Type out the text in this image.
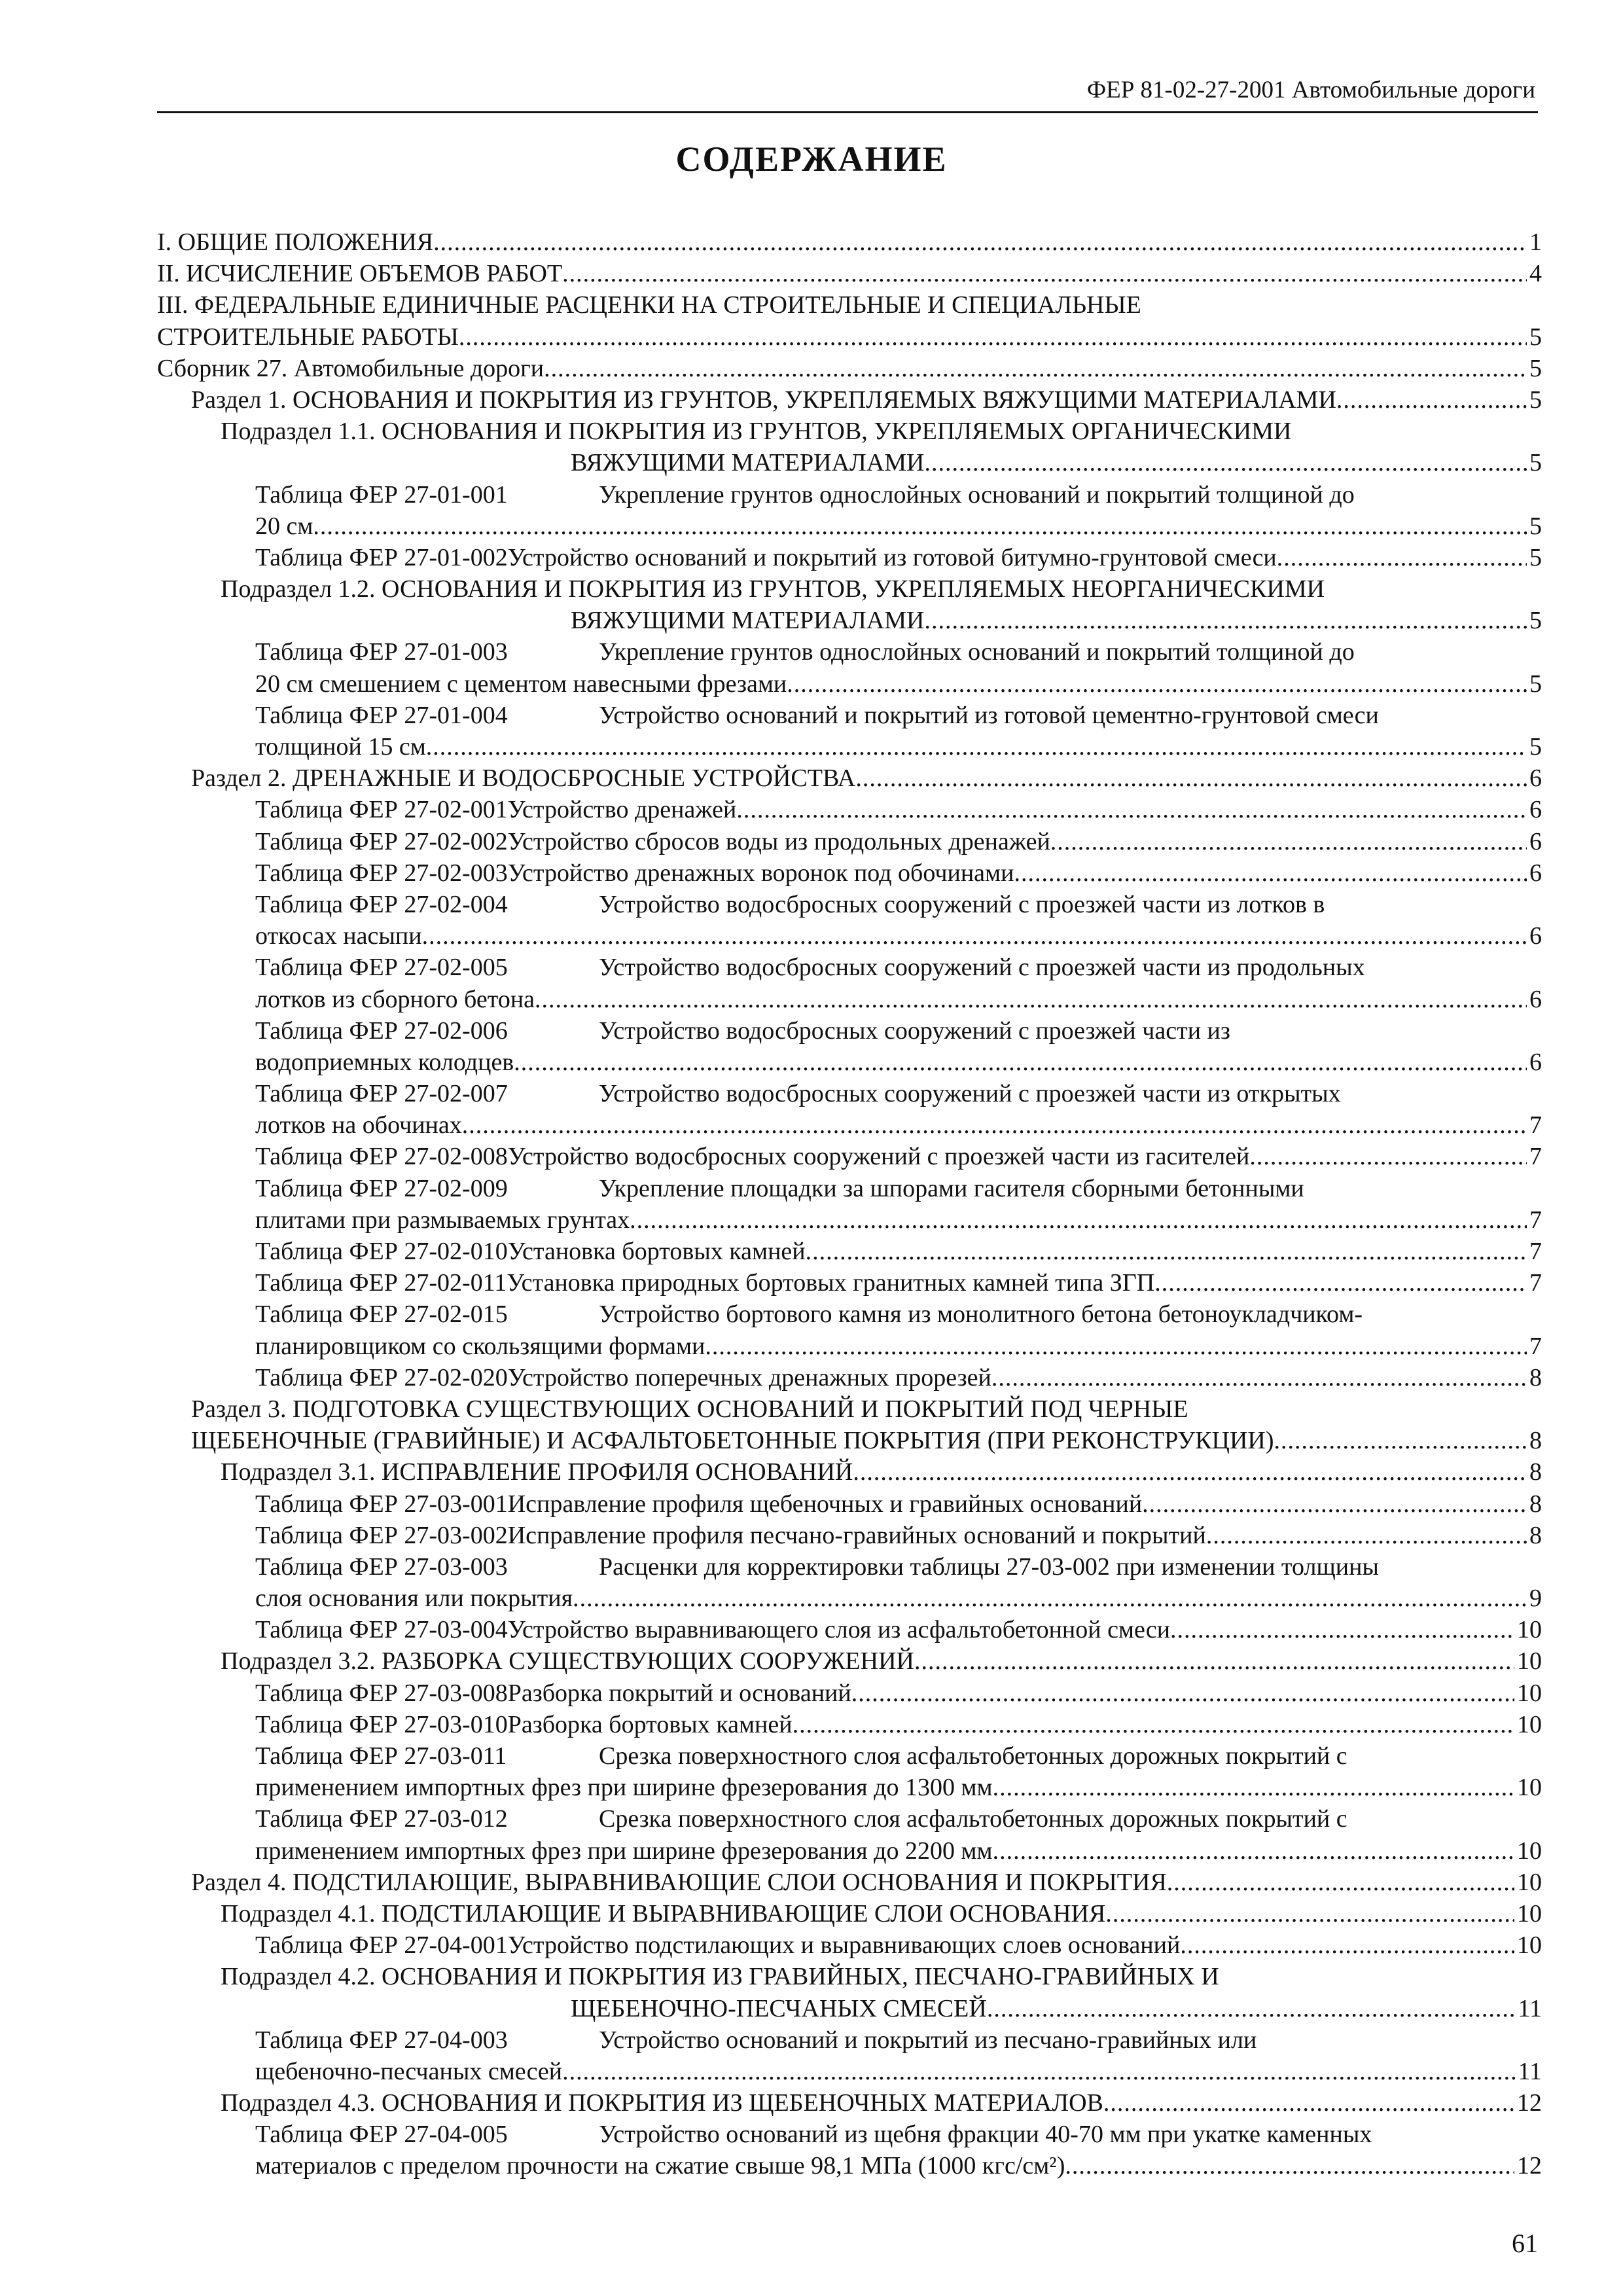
ФЕР 81-02-27-2001 Автомобильные дороги
СОДЕРЖАНИЕ
I. ОБЩИЕ ПОЛОЖЕНИЯ .....	1
II. ИСЧИСЛЕНИЕ ОБЪЕМОВ РАБОТ .....	4
III. ФЕДЕРАЛЬНЫЕ ЕДИНИЧНЫЕ РАСЦЕНКИ НА СТРОИТЕЛЬНЫЕ И СПЕЦИАЛЬНЫЕ
СТРОИТЕЛЬНЫЕ РАБОТЫ .....	5
Сборник 27. Автомобильные дороги .....	5
Раздел 1. ОСНОВАНИЯ И ПОКРЫТИЯ ИЗ ГРУНТОВ, УКРЕПЛЯЕМЫХ ВЯЖУЩИМИ МАТЕРИАЛАМИ .....	5
Подраздел 1.1. ОСНОВАНИЯ И ПОКРЫТИЯ ИЗ ГРУНТОВ, УКРЕПЛЯЕМЫХ ОРГАНИЧЕСКИМИ
ВЯЖУЩИМИ МАТЕРИАЛАМИ .....	5
Таблица ФЕР 27-01-001	Укрепление грунтов однослойных оснований и покрытий толщиной до
20 см .....	5
Таблица ФЕР 27-01-002 Устройство оснований и покрытий из готовой битумно-грунтовой смеси .....	5
Подраздел 1.2. ОСНОВАНИЯ И ПОКРЫТИЯ ИЗ ГРУНТОВ, УКРЕПЛЯЕМЫХ НЕОРГАНИЧЕСКИМИ
ВЯЖУЩИМИ МАТЕРИАЛАМИ .....	5
Таблица ФЕР 27-01-003	Укрепление грунтов однослойных оснований и покрытий толщиной до
20 см смешением с цементом навесными фрезами .....	5
Таблица ФЕР 27-01-004	Устройство оснований и покрытий из готовой цементно-грунтовой смеси
толщиной 15 см .....	5
Раздел 2. ДРЕНАЖНЫЕ И ВОДОСБРОСНЫЕ УСТРОЙСТВА .....	6
Таблица ФЕР 27-02-001 Устройство дренажей .....	6
Таблица ФЕР 27-02-002 Устройство сбросов воды из продольных дренажей .....	6
Таблица ФЕР 27-02-003 Устройство дренажных воронок под обочинами .....	6
Таблица ФЕР 27-02-004	Устройство водосбросных сооружений с проезжей части из лотков в
откосах насыпи .....	6
Таблица ФЕР 27-02-005	Устройство водосбросных сооружений с проезжей части из продольных
лотков из сборного бетона .....	6
Таблица ФЕР 27-02-006	Устройство водосбросных сооружений с проезжей части из
водоприемных колодцев .....	6
Таблица ФЕР 27-02-007	Устройство водосбросных сооружений с проезжей части из открытых
лотков на обочинах .....	7
Таблица ФЕР 27-02-008 Устройство водосбросных сооружений с проезжей части из гасителей .....	7
Таблица ФЕР 27-02-009	Укрепление площадки за шпорами гасителя сборными бетонными
плитами при размываемых грунтах .....	7
Таблица ФЕР 27-02-010 Установка бортовых камней .....	7
Таблица ФЕР 27-02-011 Установка природных бортовых гранитных камней типа ЗГП .....	7
Таблица ФЕР 27-02-015	Устройство бортового камня из монолитного бетона бетоноукладчиком-
планировщиком со скользящими формами .....	7
Таблица ФЕР 27-02-020 Устройство поперечных дренажных прорезей .....	8
Раздел 3. ПОДГОТОВКА СУЩЕСТВУЮЩИХ ОСНОВАНИЙ И ПОКРЫТИЙ ПОД ЧЕРНЫЕ
ЩЕБЕНОЧНЫЕ (ГРАВИЙНЫЕ) И АСФАЛЬТОБЕТОННЫЕ ПОКРЫТИЯ (ПРИ РЕКОНСТРУКЦИИ) .....	8
Подраздел 3.1. ИСПРАВЛЕНИЕ ПРОФИЛЯ ОСНОВАНИЙ .....	8
Таблица ФЕР 27-03-001 Исправление профиля щебеночных и гравийных оснований .....	8
Таблица ФЕР 27-03-002 Исправление профиля песчано-гравийных оснований и покрытий .....	8
Таблица ФЕР 27-03-003	Расценки для корректировки таблицы 27-03-002 при изменении толщины
слоя основания или покрытия .....	9
Таблица ФЕР 27-03-004 Устройство выравнивающего слоя из асфальтобетонной смеси .....	10
Подраздел 3.2. РАЗБОРКА СУЩЕСТВУЮЩИХ СООРУЖЕНИЙ .....	10
Таблица ФЕР 27-03-008 Разборка покрытий и оснований .....	10
Таблица ФЕР 27-03-010 Разборка бортовых камней .....	10
Таблица ФЕР 27-03-011	Срезка поверхностного слоя асфальтобетонных дорожных покрытий с
применением импортных фрез при ширине фрезерования до 1300 мм .....	10
Таблица ФЕР 27-03-012	Срезка поверхностного слоя асфальтобетонных дорожных покрытий с
применением импортных фрез при ширине фрезерования до 2200 мм .....	10
Раздел 4. ПОДСТИЛАЮЩИЕ, ВЫРАВНИВАЮЩИЕ СЛОИ ОСНОВАНИЯ И ПОКРЫТИЯ .....	10
Подраздел 4.1. ПОДСТИЛАЮЩИЕ И ВЫРАВНИВАЮЩИЕ СЛОИ ОСНОВАНИЯ .....	10
Таблица ФЕР 27-04-001 Устройство подстилающих и выравнивающих слоев оснований .....	10
Подраздел 4.2. ОСНОВАНИЯ И ПОКРЫТИЯ ИЗ ГРАВИЙНЫХ, ПЕСЧАНО-ГРАВИЙНЫХ И
ЩЕБЕНОЧНО-ПЕСЧАНЫХ СМЕСЕЙ .....	11
Таблица ФЕР 27-04-003	Устройство оснований и покрытий из песчано-гравийных или
щебеночно-песчаных смесей .....	11
Подраздел 4.3. ОСНОВАНИЯ И ПОКРЫТИЯ ИЗ ЩЕБЕНОЧНЫХ МАТЕРИАЛОВ .....	12
Таблица ФЕР 27-04-005	Устройство оснований из щебня фракции 40-70 мм при укатке каменных
материалов с пределом прочности на сжатие свыше 98,1 МПа (1000 кгс/см²) .....	12
61
